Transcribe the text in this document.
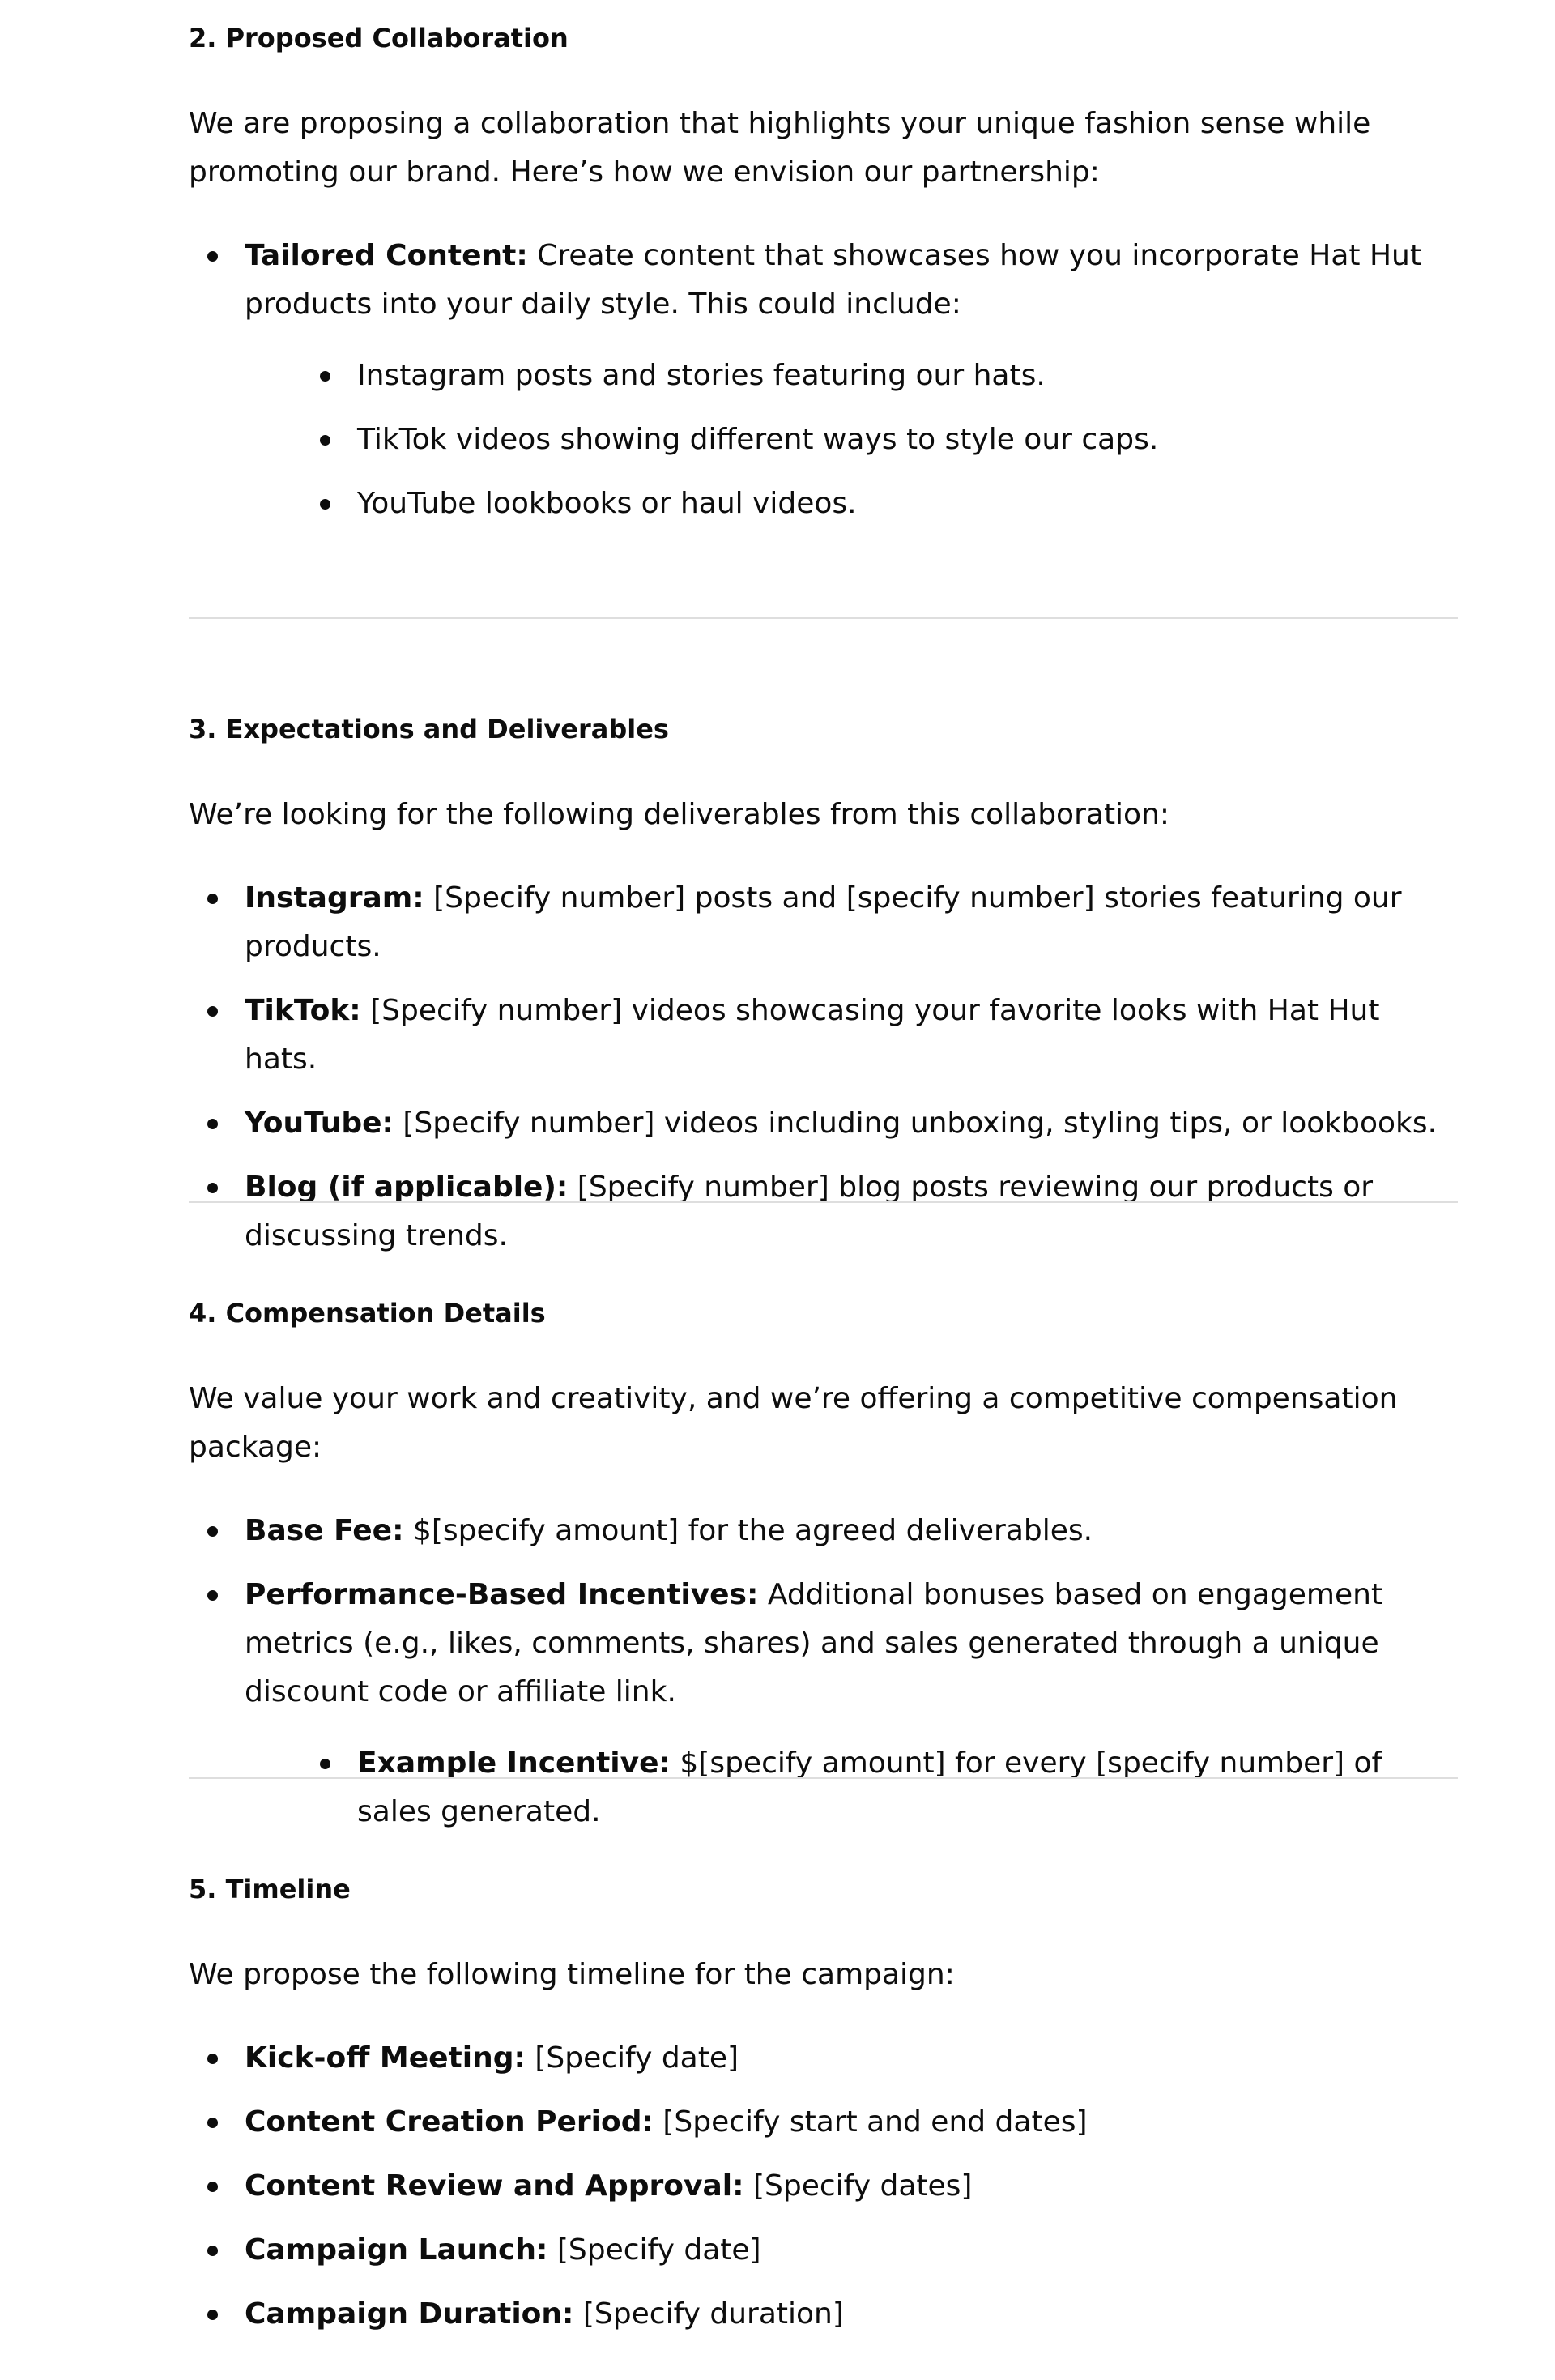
2. Proposed Collaboration

We are proposing a collaboration that highlights your unique fashion sense while promoting our brand. Here’s how we envision our partnership:

Tailored Content: Create content that showcases how you incorporate Hat Hut products into your daily style. This could include:
Instagram posts and stories featuring our hats.
TikTok videos showing different ways to style our caps.
YouTube lookbooks or haul videos.
3. Expectations and Deliverables

We’re looking for the following deliverables from this collaboration:

Instagram: [Specify number] posts and [specify number] stories featuring our products.
TikTok: [Specify number] videos showcasing your favorite looks with Hat Hut hats.
YouTube: [Specify number] videos including unboxing, styling tips, or lookbooks.
Blog (if applicable): [Specify number] blog posts reviewing our products or discussing trends.
4. Compensation Details

We value your work and creativity, and we’re offering a competitive compensation package:

Base Fee: $[specify amount] for the agreed deliverables.
Performance-Based Incentives: Additional bonuses based on engagement metrics (e.g., likes, comments, shares) and sales generated through a unique discount code or affiliate link.
Example Incentive: $[specify amount] for every [specify number] of sales generated.
5. Timeline

We propose the following timeline for the campaign:

Kick-off Meeting: [Specify date]
Content Creation Period: [Specify start and end dates]
Content Review and Approval: [Specify dates]
Campaign Launch: [Specify date]
Campaign Duration: [Specify duration]
